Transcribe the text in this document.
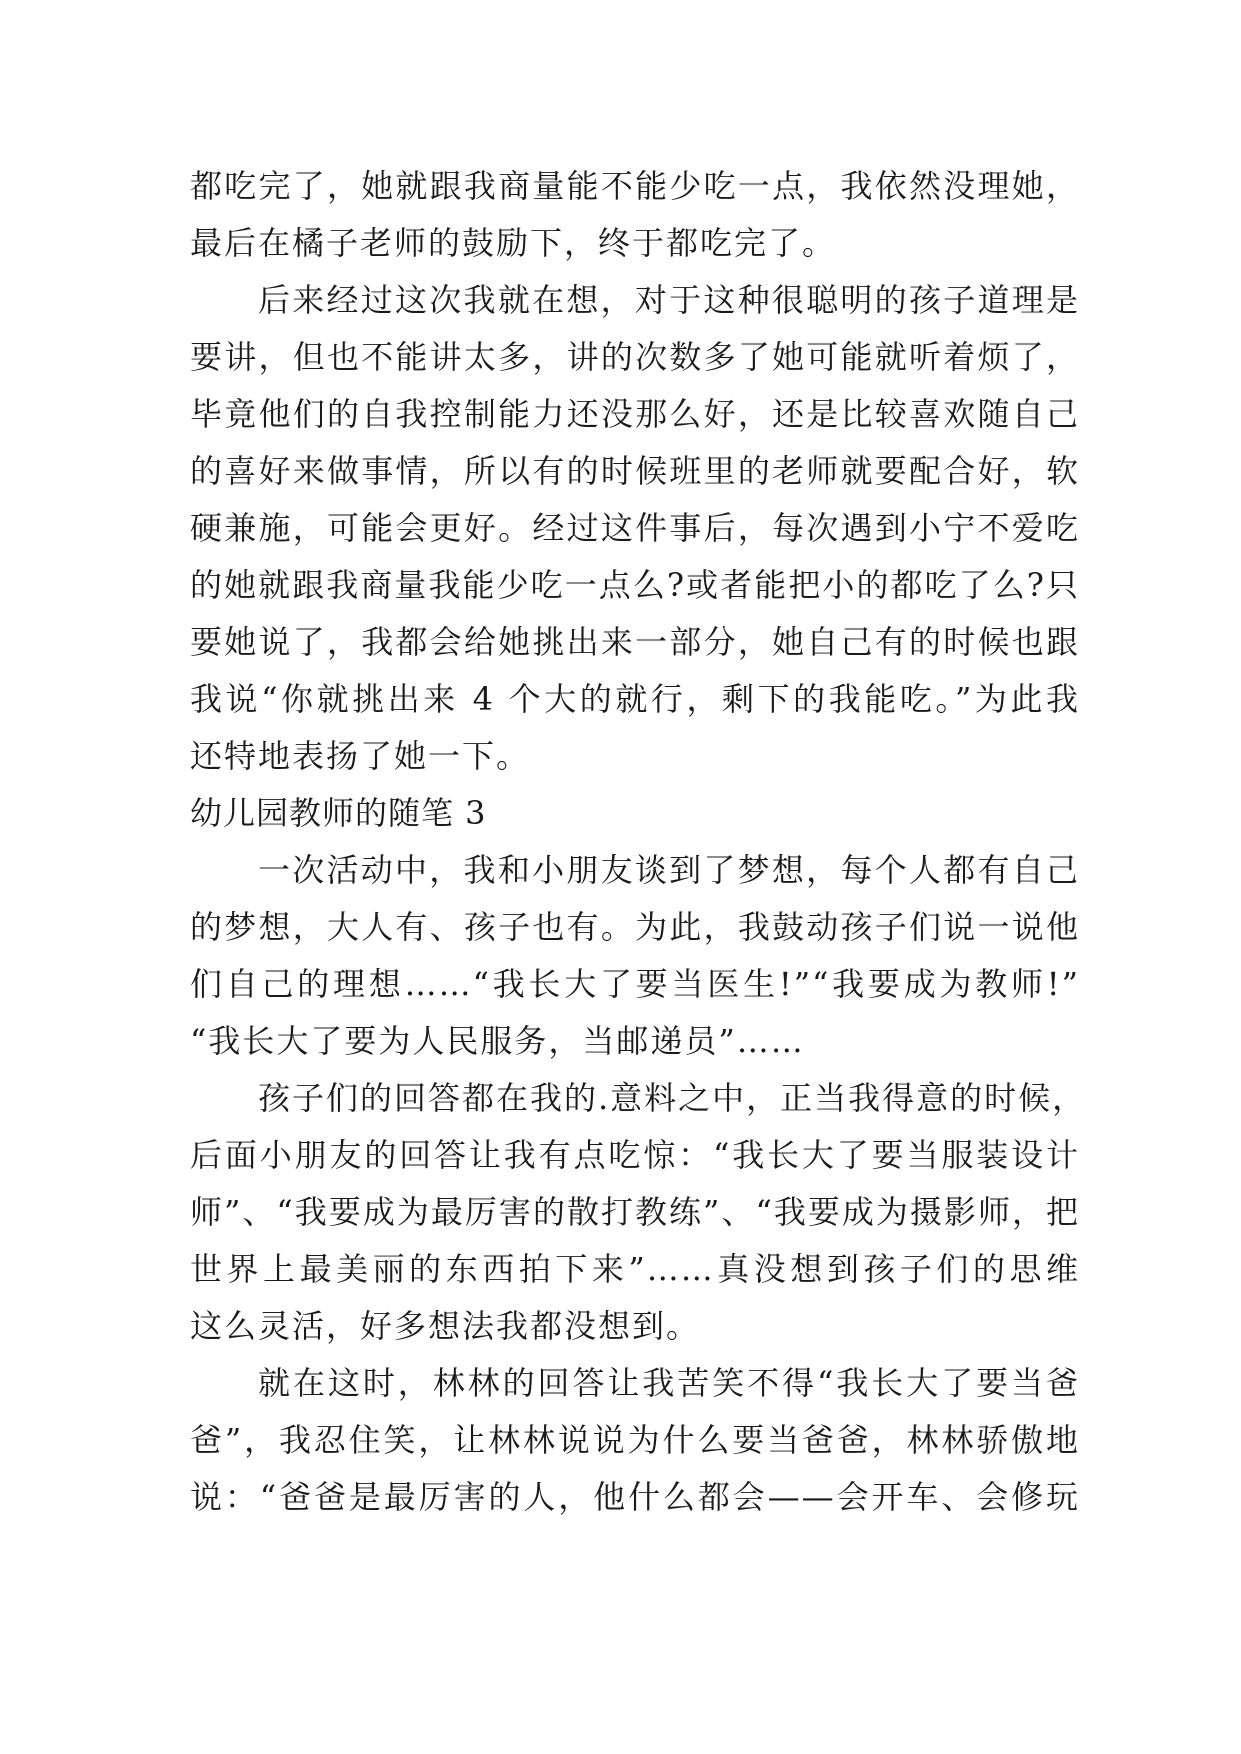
都吃完了，她就跟我商量能不能少吃一点，我依然没理她，
最后在橘子老师的鼓励下，终于都吃完了。
后来经过这次我就在想，对于这种很聪明的孩子道理是
要讲，但也不能讲太多，讲的次数多了她可能就听着烦了，
毕竟他们的自我控制能力还没那么好，还是比较喜欢随自己
的喜好来做事情，所以有的时候班里的老师就要配合好，软
硬兼施，可能会更好。经过这件事后，每次遇到小宁不爱吃
的她就跟我商量我能少吃一点么?或者能把小的都吃了么?只
要她说了，我都会给她挑出来一部分，她自己有的时候也跟
我说“你就挑出来 4 个大的就行，剩下的我能吃。”为此我
还特地表扬了她一下。
幼儿园教师的随笔 3
一次活动中，我和小朋友谈到了梦想，每个人都有自己
的梦想，大人有、孩子也有。为此，我鼓动孩子们说一说他
们自己的理想……“我长大了要当医生!”“我要成为教师!”
“我长大了要为人民服务，当邮递员”……
孩子们的回答都在我的.意料之中，正当我得意的时候，
后面小朋友的回答让我有点吃惊：“我长大了要当服装设计
师”、“我要成为最厉害的散打教练”、“我要成为摄影师，把
世界上最美丽的东西拍下来”……真没想到孩子们的思维
这么灵活，好多想法我都没想到。
就在这时，林林的回答让我苦笑不得“我长大了要当爸
爸”，我忍住笑，让林林说说为什么要当爸爸，林林骄傲地
说：“爸爸是最厉害的人，他什么都会——会开车、会修玩
